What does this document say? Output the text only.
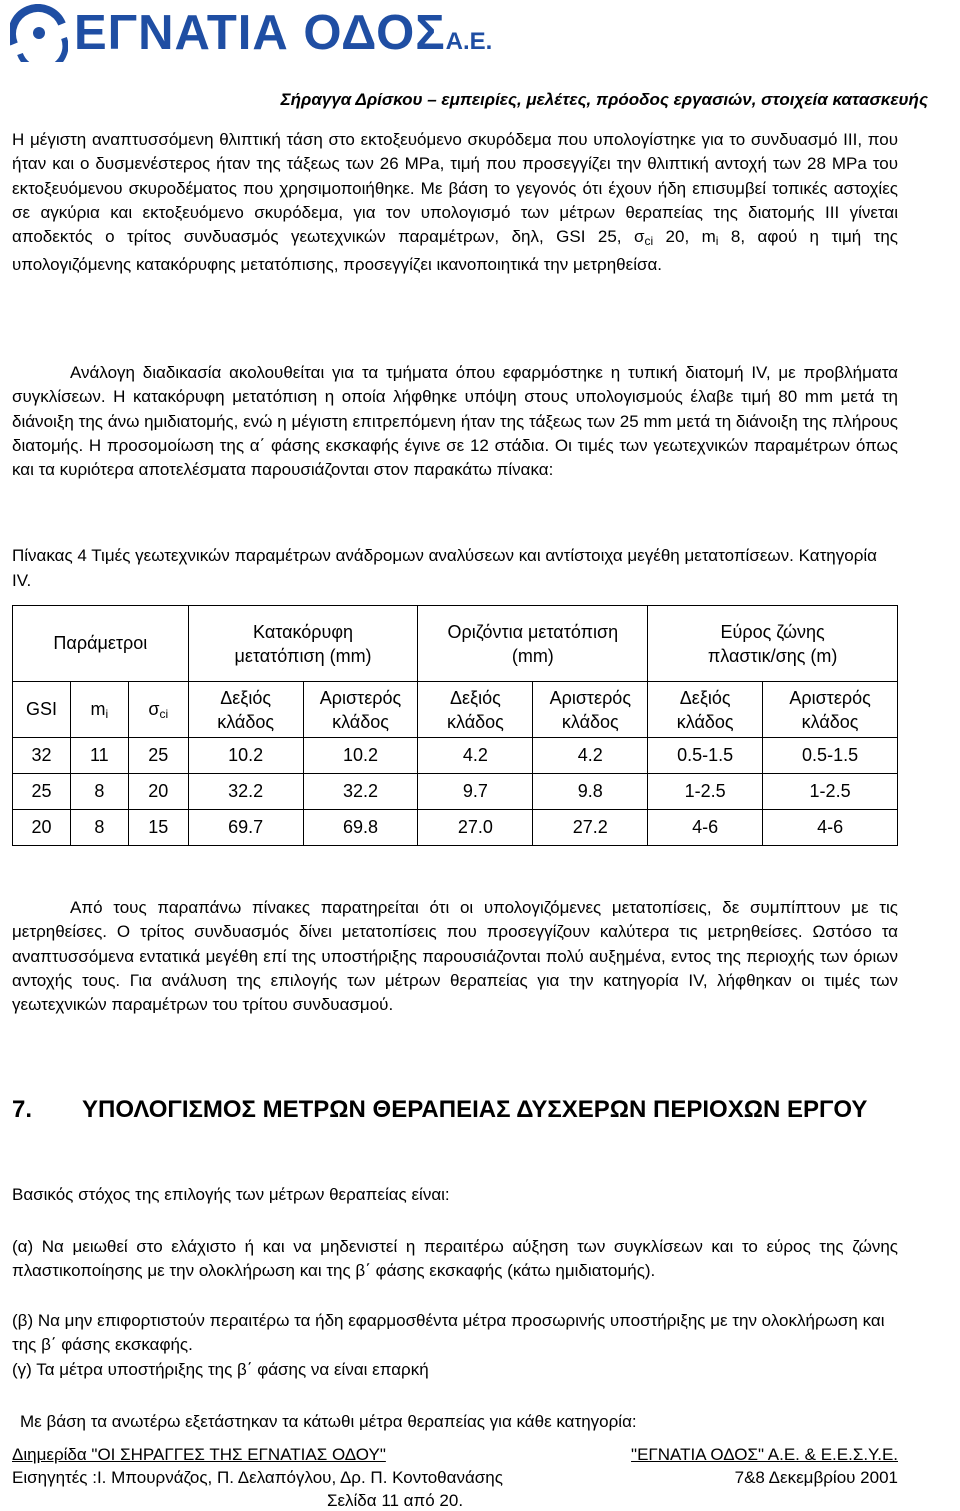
ΕΓΝΑΤΙΑ ΟΔΟΣΑ.Ε.
Σήραγγα Δρίσκου – εμπειρίες, μελέτες, πρόοδος εργασιών, στοιχεία κατασκευής

Η μέγιστη αναπτυσσόμενη θλιπτική τάση στο εκτοξευόμενο σκυρόδεμα που υπολογίστηκε για το συνδυασμό ΙΙΙ, που ήταν και ο δυσμενέστερος ήταν της τάξεως των 26 MPa, τιμή που προσεγγίζει την θλιπτική αντοχή των 28 MPa του εκτοξευόμενου σκυροδέματος που χρησιμοποιήθηκε. Με βάση το γεγονός ότι έχουν ήδη επισυμβεί τοπικές αστοχίες σε αγκύρια και εκτοξευόμενο σκυρόδεμα, για τον υπολογισμό των μέτρων θεραπείας της διατομής ΙΙΙ γίνεται αποδεκτός ο τρίτος συνδυασμός γεωτεχνικών παραμέτρων, δηλ, GSI 25, $\sigma_{ci}$ 20, $m_i$ 8, αφού η τιμή της υπολογιζόμενης κατακόρυφης μετατόπισης, προσεγγίζει ικανοποιητικά την μετρηθείσα.

Ανάλογη διαδικασία ακολουθείται για τα τμήματα όπου εφαρμόστηκε η τυπική διατομή ΙV, με προβλήματα συγκλίσεων. Η κατακόρυφη μετατόπιση η οποία λήφθηκε υπόψη στους υπολογισμούς έλαβε τιμή 80 mm μετά τη διάνοιξη της άνω ημιδιατομής, ενώ η μέγιστη επιτρεπόμενη ήταν της τάξεως των 25 mm μετά τη διάνοιξη της πλήρους διατομής. Η προσομοίωση της α΄ φάσης εκσκαφής έγινε σε 12 στάδια. Οι τιμές των γεωτεχνικών παραμέτρων όπως και τα κυριότερα αποτελέσματα παρουσιάζονται στον παρακάτω πίνακα:

Πίνακας 4 Τιμές γεωτεχνικών παραμέτρων ανάδρομων αναλύσεων και αντίστοιχα μεγέθη μετατοπίσεων. Κατηγορία ΙV.

Παράμετροι			Κατακόρυφη μετατόπιση (mm)		Οριζόντια μετατόπιση (mm)		Εύρος ζώνης πλαστικ/σης (m)	
GSI	$m_i$	$\sigma_{ci}$	Δεξιός κλάδος	Αριστερός κλάδος	Δεξιός κλάδος	Αριστερός κλάδος	Δεξιός κλάδος	Αριστερός κλάδος
32	11	25	10.2	10.2	4.2	4.2	0.5-1.5	0.5-1.5
25	8	20	32.2	32.2	9.7	9.8	1-2.5	1-2.5
20	8	15	69.7	69.8	27.0	27.2	4-6	4-6

Από τους παραπάνω πίνακες παρατηρείται ότι οι υπολογιζόμενες μετατοπίσεις, δε συμπίπτουν με τις μετρηθείσες. Ο τρίτος συνδυασμός δίνει μετατοπίσεις που προσεγγίζουν καλύτερα τις μετρηθείσες. Ωστόσο τα αναπτυσσόμενα εντατικά μεγέθη επί της υποστήριξης παρουσιάζονται πολύ αυξημένα, εντος της περιοχής των όριων αντοχής τους. Για ανάλυση της επιλογής των μέτρων θεραπείας για την κατηγορία ΙV, λήφθηκαν οι τιμές των γεωτεχνικών παραμέτρων του τρίτου συνδυασμού.

7. ΥΠΟΛΟΓΙΣΜΟΣ ΜΕΤΡΩΝ ΘΕΡΑΠΕΙΑΣ ΔΥΣΧΕΡΩΝ ΠΕΡΙΟΧΩΝ ΕΡΓΟΥ

Βασικός στόχος της επιλογής των μέτρων θεραπείας είναι:

(α) Να μειωθεί στο ελάχιστο ή και να μηδενιστεί η περαιτέρω αύξηση των συγκλίσεων και το εύρος της ζώνης πλαστικοποίησης με την ολοκλήρωση και της β΄ φάσης εκσκαφής (κάτω ημιδιατομής).

(β) Να μην επιφορτιστούν περαιτέρω τα ήδη εφαρμοσθέντα μέτρα προσωρινής υποστήριξης με την ολοκλήρωση και της β΄ φάσης εκσκαφής.

(γ) Τα μέτρα υποστήριξης της β΄ φάσης να είναι επαρκή

Με βάση τα ανωτέρω εξετάστηκαν τα κάτωθι μέτρα θεραπείας για κάθε κατηγορία:

Διημερίδα "ΟΙ ΣΗΡΑΓΓΕΣ ΤΗΣ ΕΓΝΑΤΙΑΣ ΟΔΟΥ"	"ΕΓΝΑΤΙΑ ΟΔΟΣ" Α.Ε. & Ε.Ε.Σ.Υ.Ε.
Εισηγητές :Ι. Μπουρνάζος, Π. Δελαπόγλου, Δρ. Π. Κοντοθανάσης	7&8 Δεκεμβρίου 2001
Σελίδα 11 από 20.
